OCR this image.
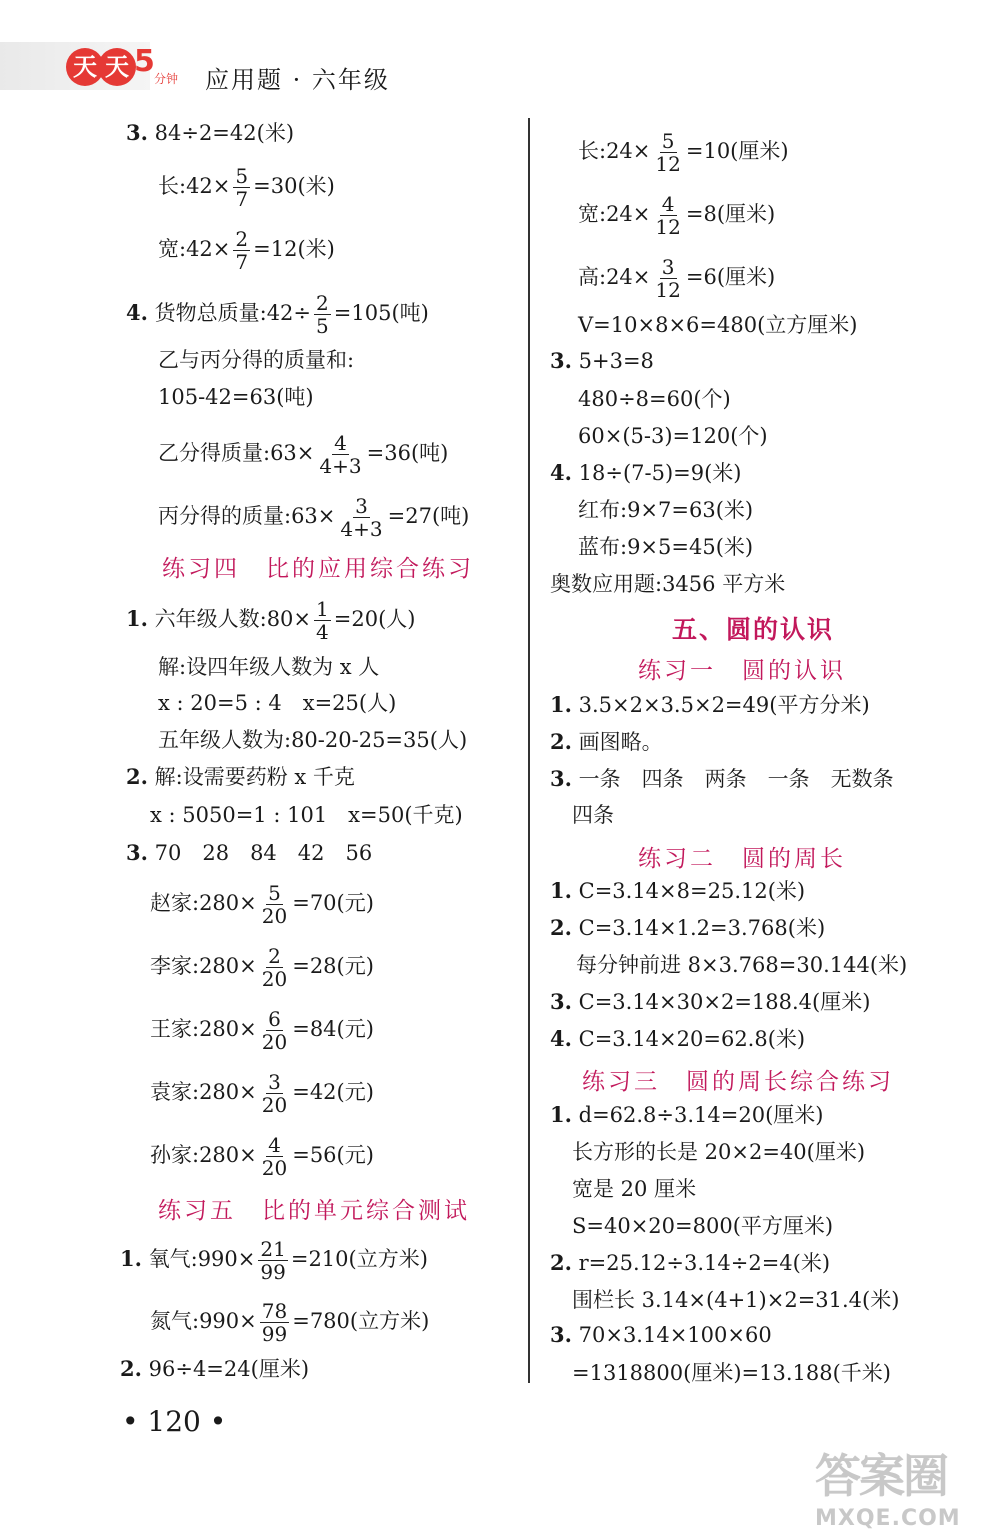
天 天 5 分钟 应用题 · 六年级
3. 84÷2=42(米)
长:42× $\frac{5}{7} =30$(米)
宽:42× $\frac{2}{7} =12$(米)
4. 货物总质量:42÷ $\frac{2}{5} =105$(吨)
乙与丙分得的质量和:
105-42=63(吨)
乙分得质量:63× $\frac{4}{4+3} =36$(吨)
丙分得的质量:63× $\frac{3}{4+3} =27$(吨)
练习四　比的应用综合练习
1. 六年级人数:80× $\frac{1}{4} =20$(人)
解:设四年级人数为 x 人
x : 20=5 : 4　x=25(人)
五年级人数为:80-20-25=35(人)
2. 解:设需要药粉 x 千克
x : 5050=1 : 101　x=50(千克)
3. 70　28　84　42　56
赵家:280× $\frac{5}{20} =70$(元)
李家:280× $\frac{2}{20} =28$(元)
王家:280× $\frac{6}{20} =84$(元)
袁家:280× $\frac{3}{20} =42$(元)
孙家:280× $\frac{4}{20} =56$(元)
练习五　比的单元综合测试
1. 氧气:990× $\frac{21}{99} =210$(立方米)
氮气:990× $\frac{78}{99} =780$(立方米)
2. 96÷4=24(厘米)
长:24× $\frac{5}{12} =10$(厘米)
宽:24× $\frac{4}{12} =8$(厘米)
高:24× $\frac{3}{12} =6$(厘米)
V=10×8×6=480(立方厘米)
3. 5+3=8
480÷8=60(个)
60×(5-3)=120(个)
4. 18÷(7-5)=9(米)
红布:9×7=63(米)
蓝布:9×5=45(米)
奥数应用题:3456 平方米
五、圆的认识
练习一　圆的认识
1. 3.5×2×3.5×2=49(平方分米)
2. 画图略。
3. 一条　四条　两条　一条　无数条
四条
练习二　圆的周长
1. C=3.14×8=25.12(米)
2. C=3.14×1.2=3.768(米)
每分钟前进 8×3.768=30.144(米)
3. C=3.14×30×2=188.4(厘米)
4. C=3.14×20=62.8(米)
练习三　圆的周长综合练习
1. d=62.8÷3.14=20(厘米)
长方形的长是 20×2=40(厘米)
宽是 20 厘米
S=40×20=800(平方厘米)
2. r=25.12÷3.14÷2=4(米)
围栏长 3.14×(4+1)×2=31.4(米)
3. 70×3.14×100×60
=1318800(厘米)=13.188(千米)
• 120 •
答案圈
MXQE.COM
